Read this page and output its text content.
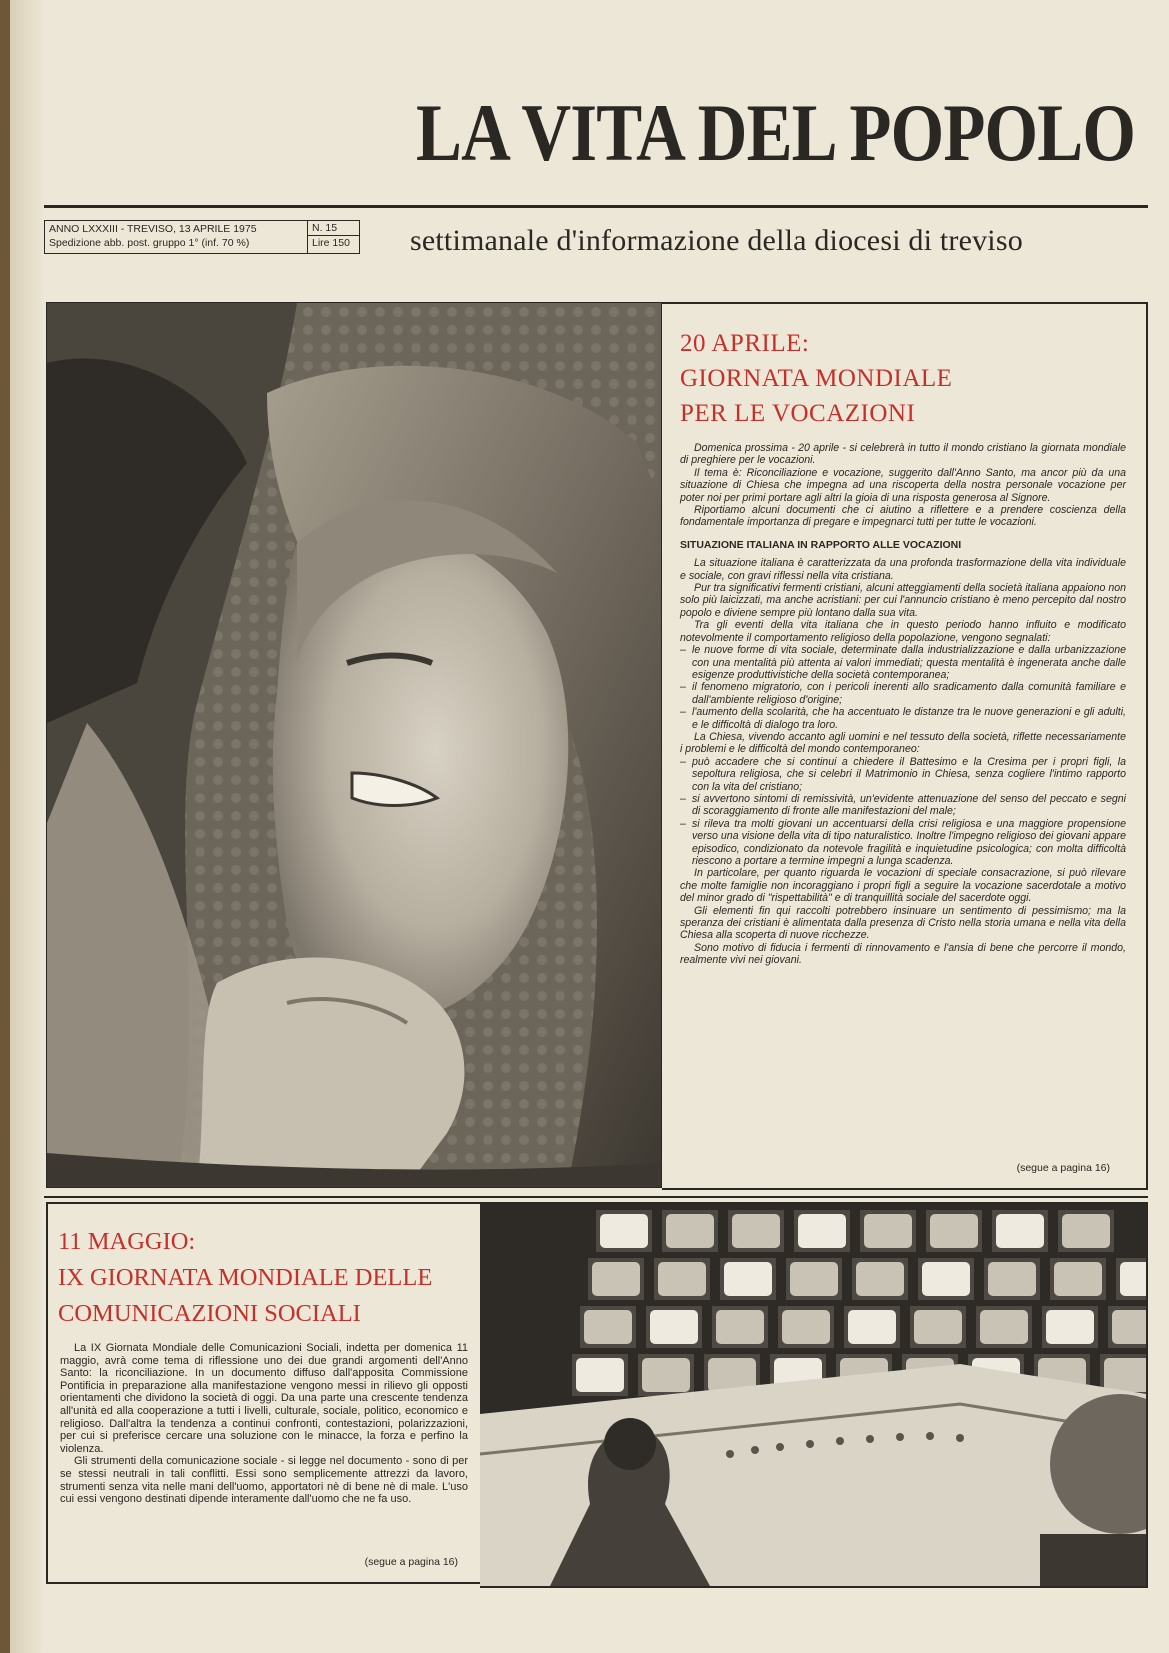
LA VITA DEL POPOLO
ANNO LXXXIII - TREVISO, 13 APRILE 1975
Spedizione abb. post. gruppo 1° (inf. 70 %)
N. 15
Lire 150	settimanale d'informazione della diocesi di treviso
20 APRILE:
GIORNATA MONDIALE
PER LE VOCAZIONI

Domenica prossima - 20 aprile - si celebrerà in tutto il mondo cristiano la giornata mondiale di preghiere per le vocazioni.

Il tema è: Riconciliazione e vocazione, suggerito dall'Anno Santo, ma ancor più da una situazione di Chiesa che impegna ad una riscoperta della nostra personale vocazione per poter noi per primi portare agli altri la gioia di una risposta generosa al Signore.

Riportiamo alcuni documenti che ci aiutino a riflettere e a prendere coscienza della fondamentale importanza di pregare e impegnarci tutti per tutte le vocazioni.

SITUAZIONE ITALIANA IN RAPPORTO ALLE VOCAZIONI

La situazione italiana è caratterizzata da una profonda trasformazione della vita individuale e sociale, con gravi riflessi nella vita cristiana.

Pur tra significativi fermenti cristiani, alcuni atteggiamenti della società italiana appaiono non solo più laicizzati, ma anche acristiani: per cui l'annuncio cristiano è meno percepito dal nostro popolo e diviene sempre più lontano dalla sua vita.

Tra gli eventi della vita italiana che in questo periodo hanno influito e modificato notevolmente il comportamento religioso della popolazione, vengono segnalati:

– le nuove forme di vita sociale, determinate dalla industrializzazione e dalla urbanizzazione con una mentalità più attenta ai valori immediati; questa mentalità è ingenerata anche dalle esigenze produttivistiche della società contemporanea;
– il fenomeno migratorio, con i pericoli inerenti allo sradicamento dalla comunità familiare e dall'ambiente religioso d'origine;
– l'aumento della scolarità, che ha accentuato le distanze tra le nuove generazioni e gli adulti, e le difficoltà di dialogo tra loro.

La Chiesa, vivendo accanto agli uomini e nel tessuto della società, riflette necessariamente i problemi e le difficoltà del mondo contemporaneo:

– può accadere che si continui a chiedere il Battesimo e la Cresima per i propri figli, la sepoltura religiosa, che si celebri il Matrimonio in Chiesa, senza cogliere l'intimo rapporto con la vita del cristiano;
– si avvertono sintomi di remissività, un'evidente attenuazione del senso del peccato e segni di scoraggiamento di fronte alle manifestazioni del male;
– si rileva tra molti giovani un accentuarsi della crisi religiosa e una maggiore propensione verso una visione della vita di tipo naturalistico. Inoltre l'impegno religioso dei giovani appare episodico, condizionato da notevole fragilità e inquietudine psicologica; con molta difficoltà riescono a portare a termine impegni a lunga scadenza.

In particolare, per quanto riguarda le vocazioni di speciale consacrazione, si può rilevare che molte famiglie non incoraggiano i propri figli a seguire la vocazione sacerdotale a motivo del minor grado di "rispettabilità" e di tranquillità sociale del sacerdote oggi.

Gli elementi fin qui raccolti potrebbero insinuare un sentimento di pessimismo; ma la speranza dei cristiani è alimentata dalla presenza di Cristo nella storia umana e nella vita della Chiesa alla scoperta di nuove ricchezze.

Sono motivo di fiducia i fermenti di rinnovamento e l'ansia di bene che percorre il mondo, realmente vivi nei giovani.

(segue a pagina 16)
11 MAGGIO:
IX GIORNATA MONDIALE DELLE
COMUNICAZIONI SOCIALI

La IX Giornata Mondiale delle Comunicazioni Sociali, indetta per domenica 11 maggio, avrà come tema di riflessione uno dei due grandi argomenti dell'Anno Santo: la riconciliazione. In un documento diffuso dall'apposita Commissione Pontificia in preparazione alla manifestazione vengono messi in rilievo gli opposti orientamenti che dividono la società di oggi. Da una parte una crescente tendenza all'unità ed alla cooperazione a tutti i livelli, culturale, sociale, politico, economico e religioso. Dall'altra la tendenza a continui confronti, contestazioni, polarizzazioni, per cui si preferisce cercare una soluzione con le minacce, la forza e perfino la violenza.

Gli strumenti della comunicazione sociale - si legge nel documento - sono di per se stessi neutrali in tali conflitti. Essi sono semplicemente attrezzi da lavoro, strumenti senza vita nelle mani dell'uomo, apportatori nè di bene nè di male. L'uso cui essi vengono destinati dipende interamente dall'uomo che ne fa uso.

(segue a pagina 16)
